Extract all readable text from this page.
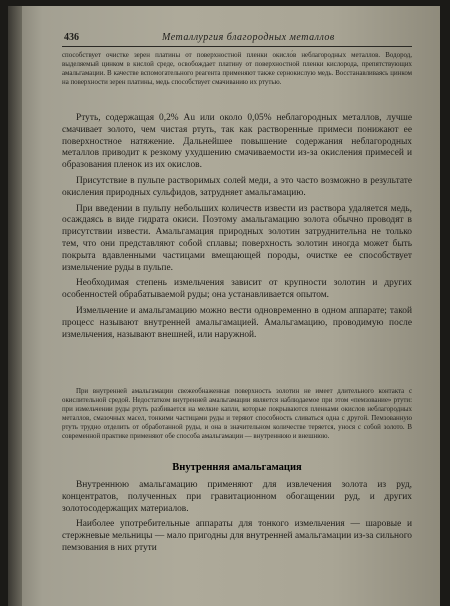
436	Металлургия благородных металлов

способствует очистке зерен платины от поверхностной пленки окисло́в неблагородных металлов. Водород, выделяемый цинком в кислой среде, освобождает платину от поверхностной пленки кислорода, препятствующих амальгамации. В качестве вспомогательного реагента применяют также сернокислую медь. Восстанавливаясь цинком на поверхности зерен платины, медь способствует смачиванию их ртутью.

Ртуть, содержащая 0,2% Au или около 0,05% неблагородных металлов, лучше смачивает золото, чем чистая ртуть, так как растворенные примеси понижают ее поверхностное натяжение. Дальнейшее повышение содержания неблагородных металлов приводит к резкому ухудшению смачиваемости из-за окисления примесей и образования пленок из их окислов.

Присутствие в пульпе растворимых солей меди, а это часто возможно в результате окисления природных сульфидов, затрудняет амальгамацию.

При введении в пульпу небольших количеств извести из раствора удаляется медь, осаждаясь в виде гидрата окиси. Поэтому амальгамацию золота обычно проводят в присутствии извести. Амальгамация природных золотин затруднительна не только тем, что они представляют собой сплавы; поверхность золотин иногда может быть покрыта вдавленными частицами вмещающей породы, очистке ее способствует измельчение руды в пульпе.

Необходимая степень измельчения зависит от крупности золотин и других особенностей обрабатываемой руды; она устанавливается опытом.

Измельчение и амальгамацию можно вести одновременно в одном аппарате; такой процесс называют внутренней амальгамацией. Амальгамацию, проводимую после измельчения, называют внешней, или наружной.

При внутренней амальгамации свежеобнаженная поверхность золотин не имеет длительного контакта с окислительной средой. Недостатком внутренней амальгамации является наблюдаемое при этом «пемзование» ртути: при измельчении руды ртуть разбивается на мелкие капли, которые покрываются пленками окислов неблагородных металлов, смазочных масел, тонкими частицами руды и теряют способность сливаться одна с другой. Пемзованную ртуть трудно отделить от обработанной руды, и она в значительном количестве теряется, унося с собой золото. В современной практике применяют обе способа амальгамации — внутреннюю и внешнюю.

Внутренняя амальгамация

Внутреннюю амальгамацию применяют для извлечения золота из руд, концентратов, полученных при гравитационном обогащении руд, и других золотосодержащих материалов.

Наиболее употребительные аппараты для тонкого измельчения — шаровые и стержневые мельницы — мало пригодны для внутренней амальгамации из-за сильного пемзования в них ртути
